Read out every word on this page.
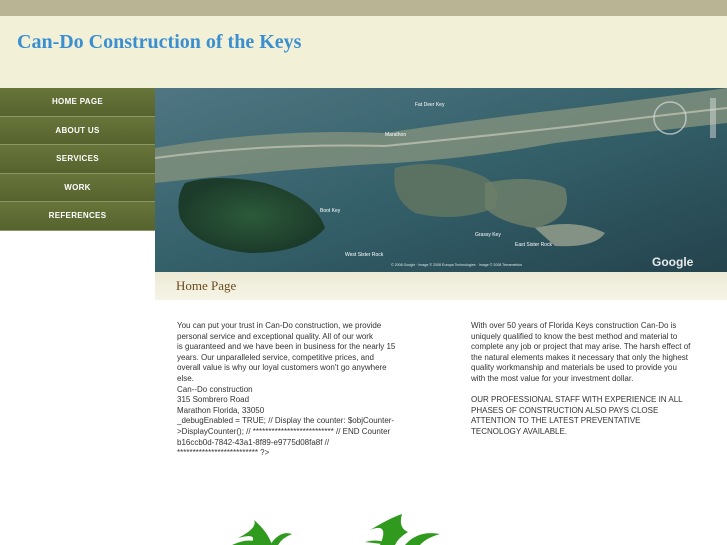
Can-Do Construction of the Keys
HOME PAGE
ABOUT US
SERVICES
WORK
REFERENCES
Google
Boot Key
West Sister Rock
East Sister Rock
Fat Deer Key
Marathon
Grassy Key
© 2008 Google · Image © 2008 Europa Technologies · Image © 2008 Terrametrics
Home Page
You can put your trust in Can-Do construction, we provide
personal service and exceptional quality. All of our work
is guaranteed and we have been in business for the nearly 15
years. Our unparalleled service, competitive prices, and
overall value is why our loyal customers won't go anywhere
else.
Can--Do construction
315 Sombrero Road
Marathon Florida, 33050
_debugEnabled = TRUE; // Display the counter: $objCounter-
>DisplayCounter(); // ************************** // END Counter
b16ccb0d-7842-43a1-8f89-e9775d08fa8f //
************************** ?>

With over 50 years of Florida Keys construction Can-Do is
uniquely qualified to know the best method and material to
complete any job or project that may arise. The harsh effect of
the natural elements makes it necessary that only the highest
quality workmanship and materials be used to provide you
with the most value for your investment dollar.

OUR PROFESSIONAL STAFF WITH EXPERIENCE IN ALL
PHASES OF CONSTRUCTION ALSO PAYS CLOSE
ATTENTION TO THE LATEST PREVENTATIVE
TECNOLOGY AVAILABLE.
